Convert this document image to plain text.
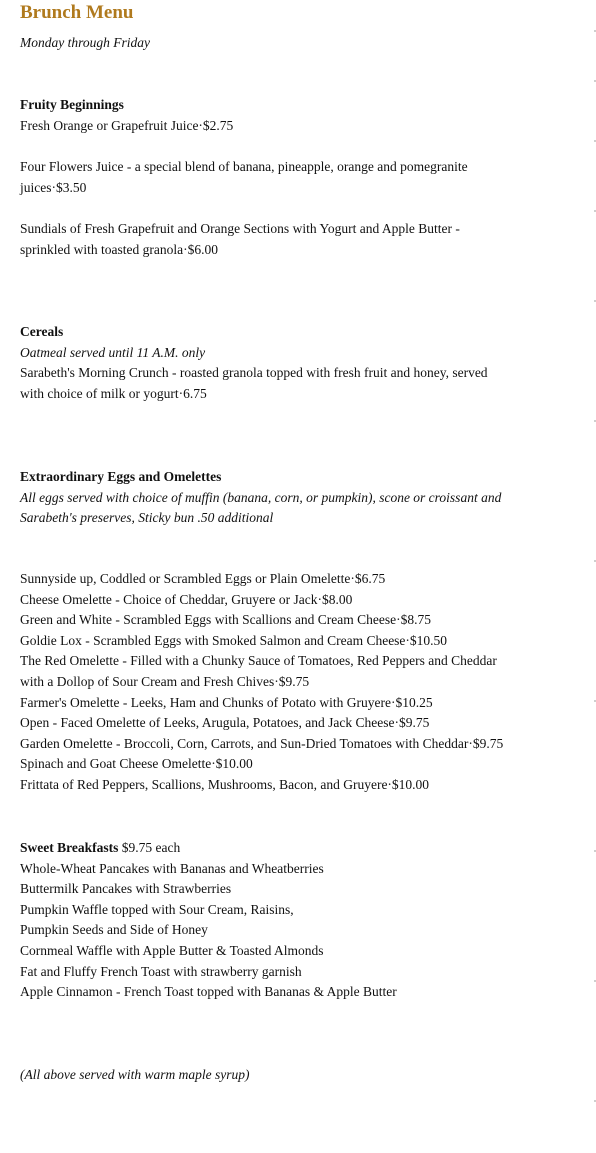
Brunch Menu
Monday through Friday
Fruity Beginnings
Fresh Orange or Grapefruit Juice·$2.75
Four Flowers Juice - a special blend of banana, pineapple, orange and pomegranite
juices·$3.50
Sundials of Fresh Grapefruit and Orange Sections with Yogurt and Apple Butter -
sprinkled with toasted granola·$6.00
Cereals
Oatmeal served until 11 A.M. only
Sarabeth's Morning Crunch - roasted granola topped with fresh fruit and honey, served
with choice of milk or yogurt·6.75
Extraordinary Eggs and Omelettes
All eggs served with choice of muffin (banana, corn, or pumpkin), scone or croissant and
Sarabeth's preserves, Sticky bun .50 additional
Sunnyside up, Coddled or Scrambled Eggs or Plain Omelette·$6.75
Cheese Omelette - Choice of Cheddar, Gruyere or Jack·$8.00
Green and White - Scrambled Eggs with Scallions and Cream Cheese·$8.75
Goldie Lox - Scrambled Eggs with Smoked Salmon and Cream Cheese·$10.50
The Red Omelette - Filled with a Chunky Sauce of Tomatoes, Red Peppers and Cheddar
with a Dollop of Sour Cream and Fresh Chives·$9.75
Farmer's Omelette - Leeks, Ham and Chunks of Potato with Gruyere·$10.25
Open - Faced Omelette of Leeks, Arugula, Potatoes, and Jack Cheese·$9.75
Garden Omelette - Broccoli, Corn, Carrots, and Sun-Dried Tomatoes with Cheddar·$9.75
Spinach and Goat Cheese Omelette·$10.00
Frittata of Red Peppers, Scallions, Mushrooms, Bacon, and Gruyere·$10.00
Sweet Breakfasts $9.75 each
Whole-Wheat Pancakes with Bananas and Wheatberries
Buttermilk Pancakes with Strawberries
Pumpkin Waffle topped with Sour Cream, Raisins,
Pumpkin Seeds and Side of Honey
Cornmeal Waffle with Apple Butter & Toasted Almonds
Fat and Fluffy French Toast with strawberry garnish
Apple Cinnamon - French Toast topped with Bananas & Apple Butter
(All above served with warm maple syrup)
